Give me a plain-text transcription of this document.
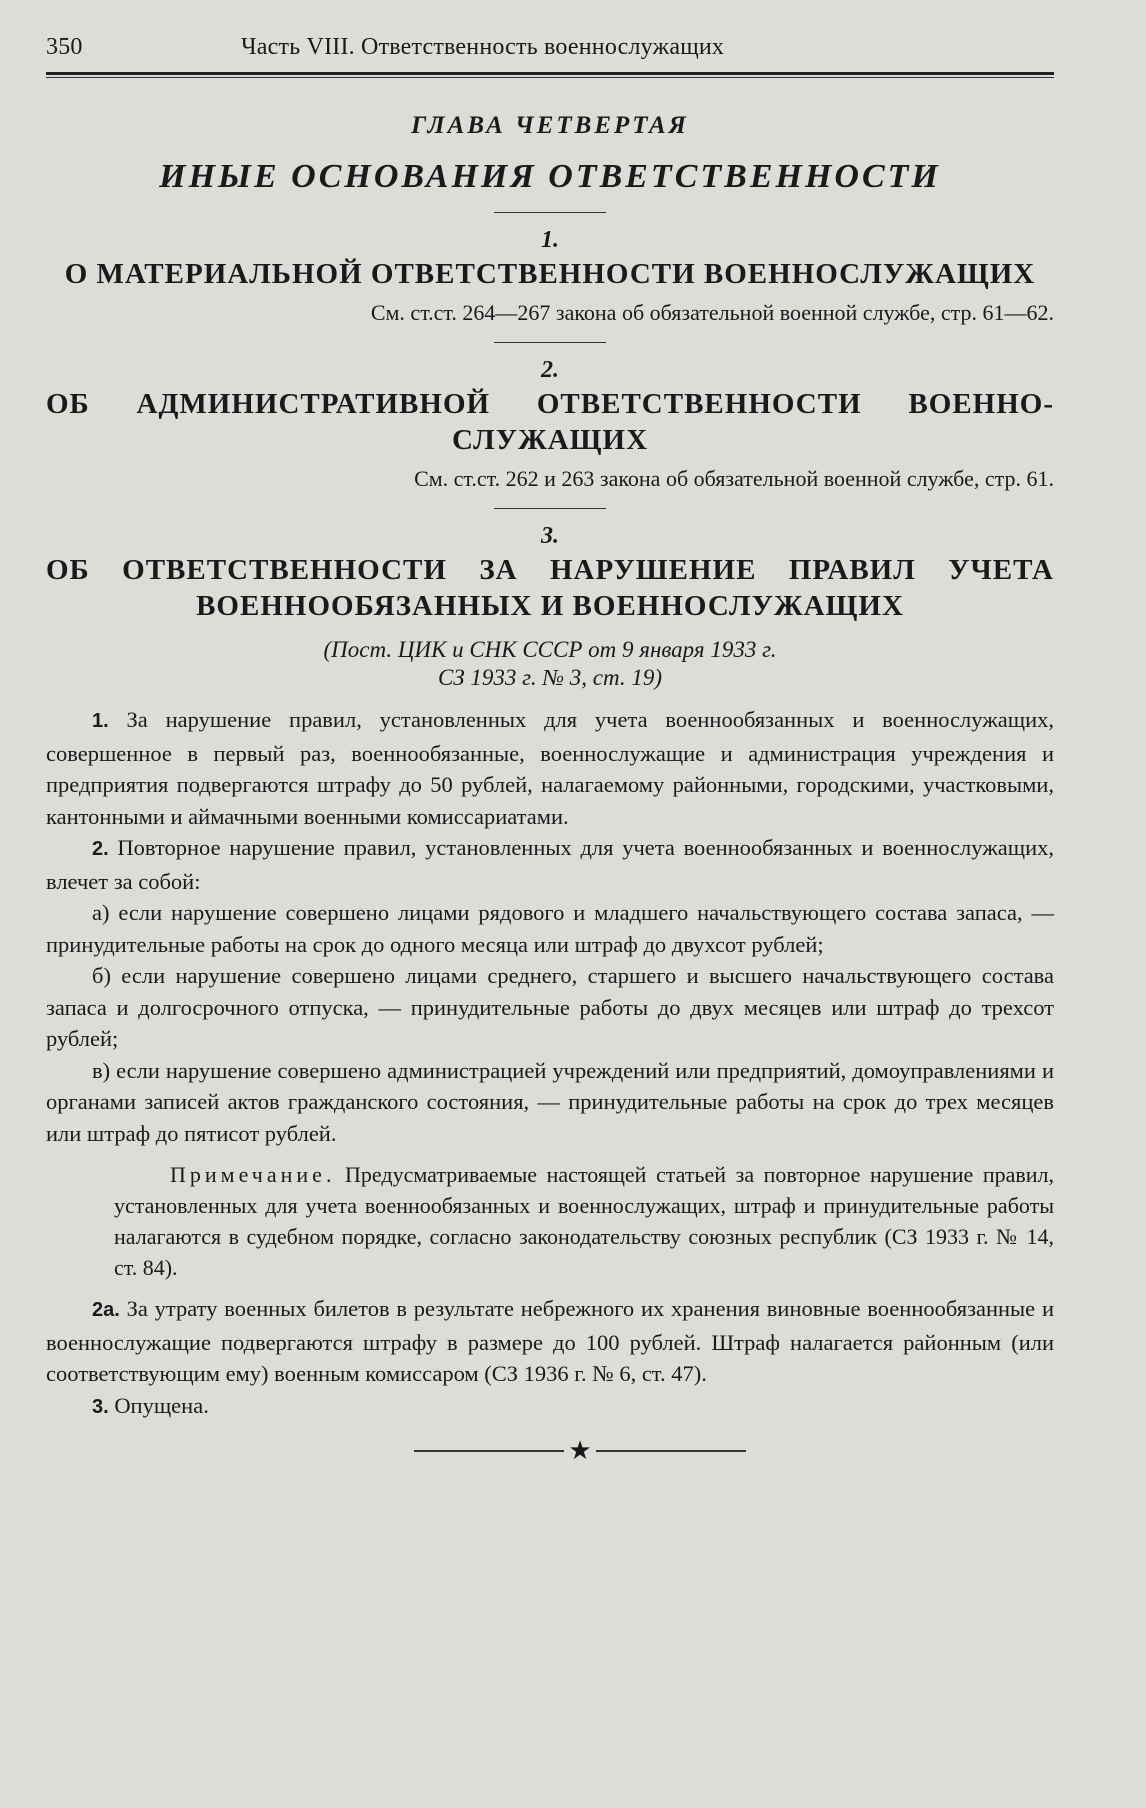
350	Часть VIII. Ответственность военнослужащих
ГЛАВА ЧЕТВЕРТАЯ
ИНЫЕ ОСНОВАНИЯ ОТВЕТСТВЕННОСТИ
1.
О МАТЕРИАЛЬНОЙ ОТВЕТСТВЕННОСТИ ВОЕННОСЛУЖАЩИХ
См. ст.ст. 264—267 закона об обязательной военной службе, стр. 61—62.
2.
ОБ АДМИНИСТРАТИВНОЙ ОТВЕТСТВЕННОСТИ ВОЕННО-СЛУЖАЩИХ
См. ст.ст. 262 и 263 закона об обязательной военной службе, стр. 61.
3.
ОБ ОТВЕТСТВЕННОСТИ ЗА НАРУШЕНИЕ ПРАВИЛ УЧЕТА ВОЕННООБЯЗАННЫХ И ВОЕННОСЛУЖАЩИХ
(Пост. ЦИК и СНК СССР от 9 января 1933 г.
СЗ 1933 г. № 3, ст. 19)

1. За нарушение правил, установленных для учета военнообязанных и военнослужащих, совершенное в первый раз, военнообязанные, военнослужащие и администрация учреждения и предприятия подвергаются штрафу до 50 рублей, налагаемому районными, городскими, участковыми, кантонными и аймачными военными комиссариатами.

2. Повторное нарушение правил, установленных для учета военнообязанных и военнослужащих, влечет за собой:

а) если нарушение совершено лицами рядового и младшего начальствующего состава запаса, — принудительные работы на срок до одного месяца или штраф до двухсот рублей;

б) если нарушение совершено лицами среднего, старшего и высшего начальствующего состава запаса и долгосрочного отпуска, — принудительные работы до двух месяцев или штраф до трехсот рублей;

в) если нарушение совершено администрацией учреждений или предприятий, домоуправлениями и органами записей актов гражданского состояния, — принудительные работы на срок до трех месяцев или штраф до пятисот рублей.

Примечание. Предусматриваемые настоящей статьей за повторное нарушение правил, установленных для учета военнообязанных и военнослужащих, штраф и принудительные работы налагаются в судебном порядке, согласно законодательству союзных республик (СЗ 1933 г. № 14, ст. 84).

2а. За утрату военных билетов в результате небрежного их хранения виновные военнообязанные и военнослужащие подвергаются штрафу в размере до 100 рублей. Штраф налагается районным (или соответствующим ему) военным комиссаром (СЗ 1936 г. № 6, ст. 47).

3. Опущена.

★
